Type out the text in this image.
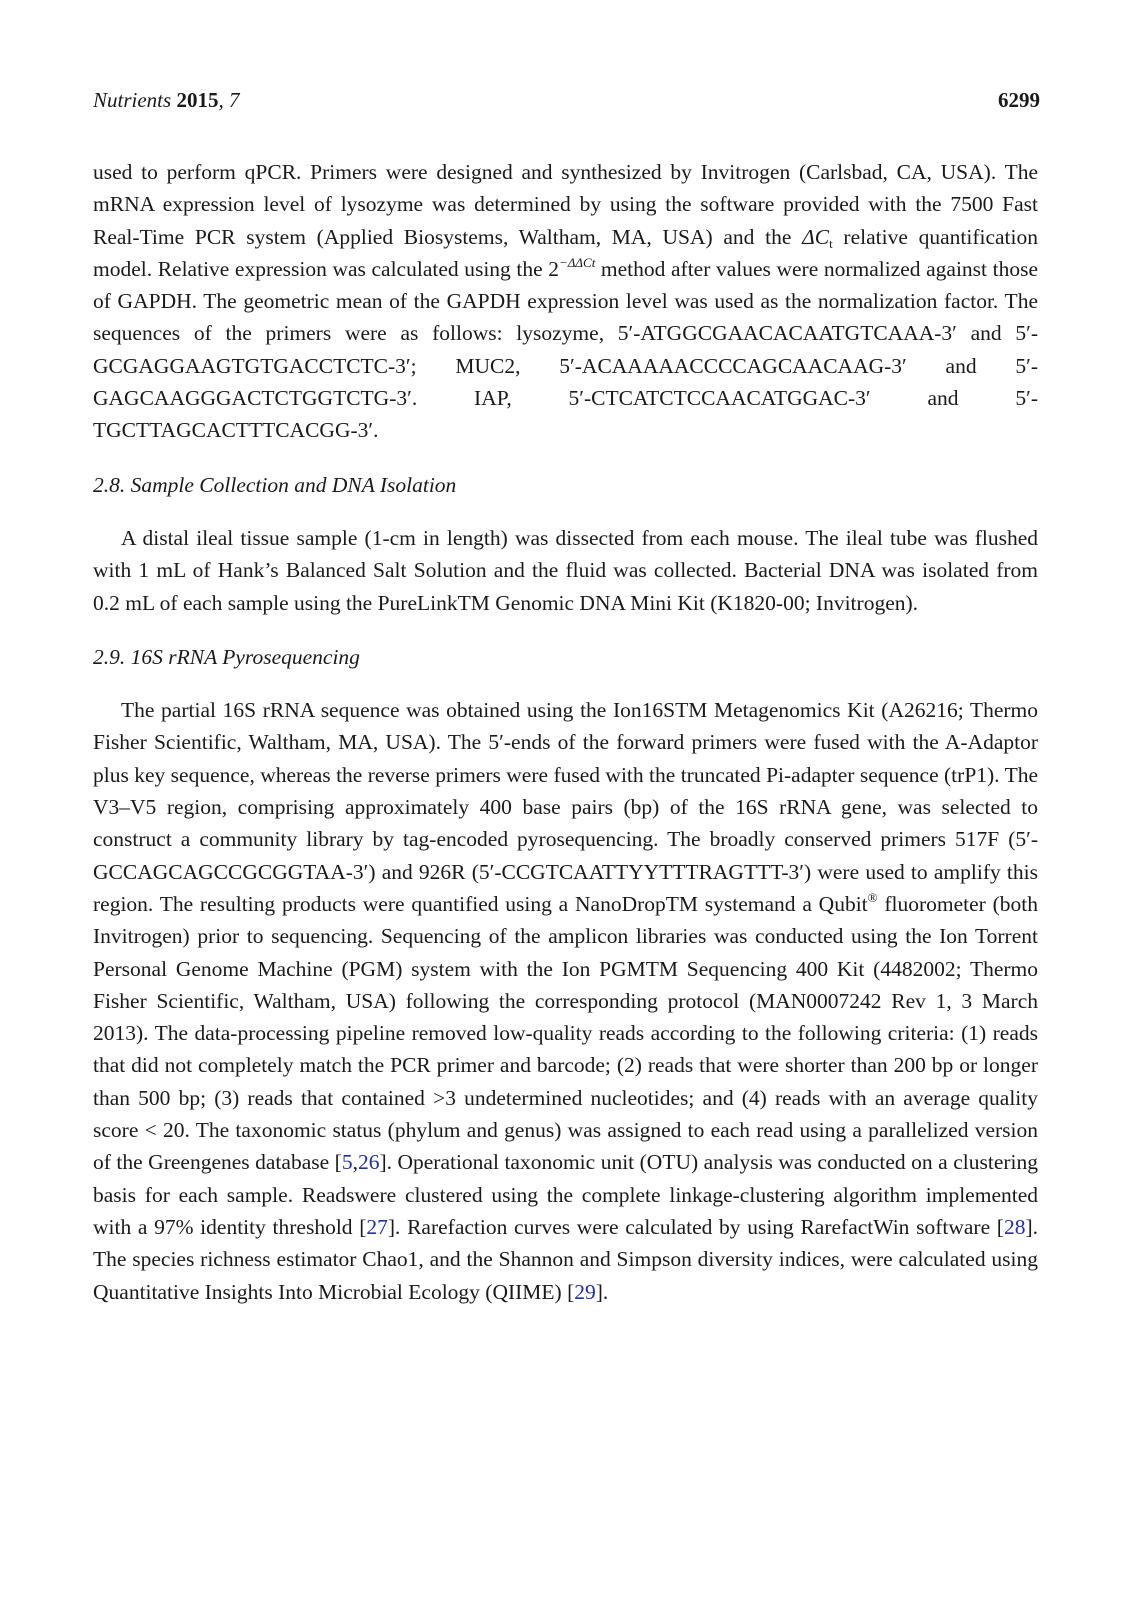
Nutrients 2015, 7	6299

used to perform qPCR. Primers were designed and synthesized by Invitrogen (Carlsbad, CA, USA). The mRNA expression level of lysozyme was determined by using the software provided with the 7500 Fast Real-Time PCR system (Applied Biosystems, Waltham, MA, USA) and the $\Delta C_t$ relative quantification model. Relative expression was calculated using the $2^{-\Delta\Delta Ct}$ method after values were normalized against those of GAPDH. The geometric mean of the GAPDH expression level was used as the normalization factor. The sequences of the primers were as follows: lysozyme, 5′-ATGGCGAACACAATGTCAAA-3′ and 5′-GCGAGGAAGTGTGACCTCTC-3′; MUC2, 5′-ACAAAAACCCCAGCAACAAG-3′ and 5′-GAGCAAGGGACTCTGGTCTG-3′. IAP, 5′-CTCATCTCCAACATGGAC-3′ and 5′-TGCTTAGCACTTTCACGG-3′.

2.8. Sample Collection and DNA Isolation

A distal ileal tissue sample (1-cm in length) was dissected from each mouse. The ileal tube was flushed with 1 mL of Hank’s Balanced Salt Solution and the fluid was collected. Bacterial DNA was isolated from 0.2 mL of each sample using the PureLinkTM Genomic DNA Mini Kit (K1820-00; Invitrogen).

2.9. 16S rRNA Pyrosequencing

The partial 16S rRNA sequence was obtained using the Ion16STM Metagenomics Kit (A26216; Thermo Fisher Scientific, Waltham, MA, USA). The 5′-ends of the forward primers were fused with the A-Adaptor plus key sequence, whereas the reverse primers were fused with the truncated Pi-adapter sequence (trP1). The V3–V5 region, comprising approximately 400 base pairs (bp) of the 16S rRNA gene, was selected to construct a community library by tag-encoded pyrosequencing. The broadly conserved primers 517F (5′-GCCAGCAGCCGCGGTAA-3′) and 926R (5′-CCGTCAATTYYTTTRAGTTT-3′) were used to amplify this region. The resulting products were quantified using a NanoDropTM systemand a Qubit® fluorometer (both Invitrogen) prior to sequencing. Sequencing of the amplicon libraries was conducted using the Ion Torrent Personal Genome Machine (PGM) system with the Ion PGMTM Sequencing 400 Kit (4482002; Thermo Fisher Scientific, Waltham, USA) following the corresponding protocol (MAN0007242 Rev 1, 3 March 2013). The data-processing pipeline removed low-quality reads according to the following criteria: (1) reads that did not completely match the PCR primer and barcode; (2) reads that were shorter than 200 bp or longer than 500 bp; (3) reads that contained >3 undetermined nucleotides; and (4) reads with an average quality score < 20. The taxonomic status (phylum and genus) was assigned to each read using a parallelized version of the Greengenes database [5,26]. Operational taxonomic unit (OTU) analysis was conducted on a clustering basis for each sample. Readswere clustered using the complete linkage-clustering algorithm implemented with a 97% identity threshold [27]. Rarefaction curves were calculated by using RarefactWin software [28]. The species richness estimator Chao1, and the Shannon and Simpson diversity indices, were calculated using Quantitative Insights Into Microbial Ecology (QIIME) [29].
